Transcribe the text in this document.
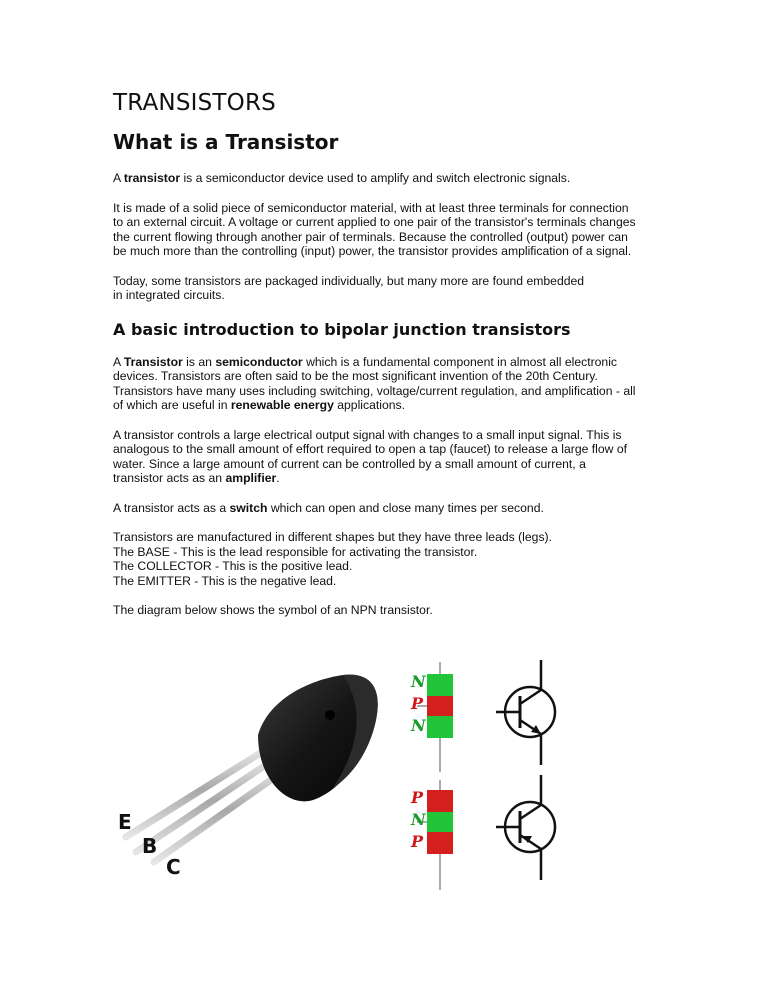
TRANSISTORS
What is a Transistor

A transistor is a semiconductor device used to amplify and switch electronic signals.

It is made of a solid piece of semiconductor material, with at least three terminals for connection
to an external circuit. A voltage or current applied to one pair of the transistor's terminals changes
the current flowing through another pair of terminals. Because the controlled (output) power can
be much more than the controlling (input) power, the transistor provides amplification of a signal.

Today, some transistors are packaged individually, but many more are found embedded
in integrated circuits.

A basic introduction to bipolar junction transistors

A Transistor is an semiconductor which is a fundamental component in almost all electronic
devices. Transistors are often said to be the most significant invention of the 20th Century.
Transistors have many uses including switching, voltage/current regulation, and amplification - all
of which are useful in renewable energy applications.

A transistor controls a large electrical output signal with changes to a small input signal. This is
analogous to the small amount of effort required to open a tap (faucet) to release a large flow of
water. Since a large amount of current can be controlled by a small amount of current, a
transistor acts as an amplifier.

A transistor acts as a switch which can open and close many times per second.

Transistors are manufactured in different shapes but they have three leads (legs).
The BASE - This is the lead responsible for activating the transistor.
The COLLECTOR - This is the positive lead.
The EMITTER - This is the negative lead.

The diagram below shows the symbol of an NPN transistor.

E
B
C
N
P
N
P
N
P
